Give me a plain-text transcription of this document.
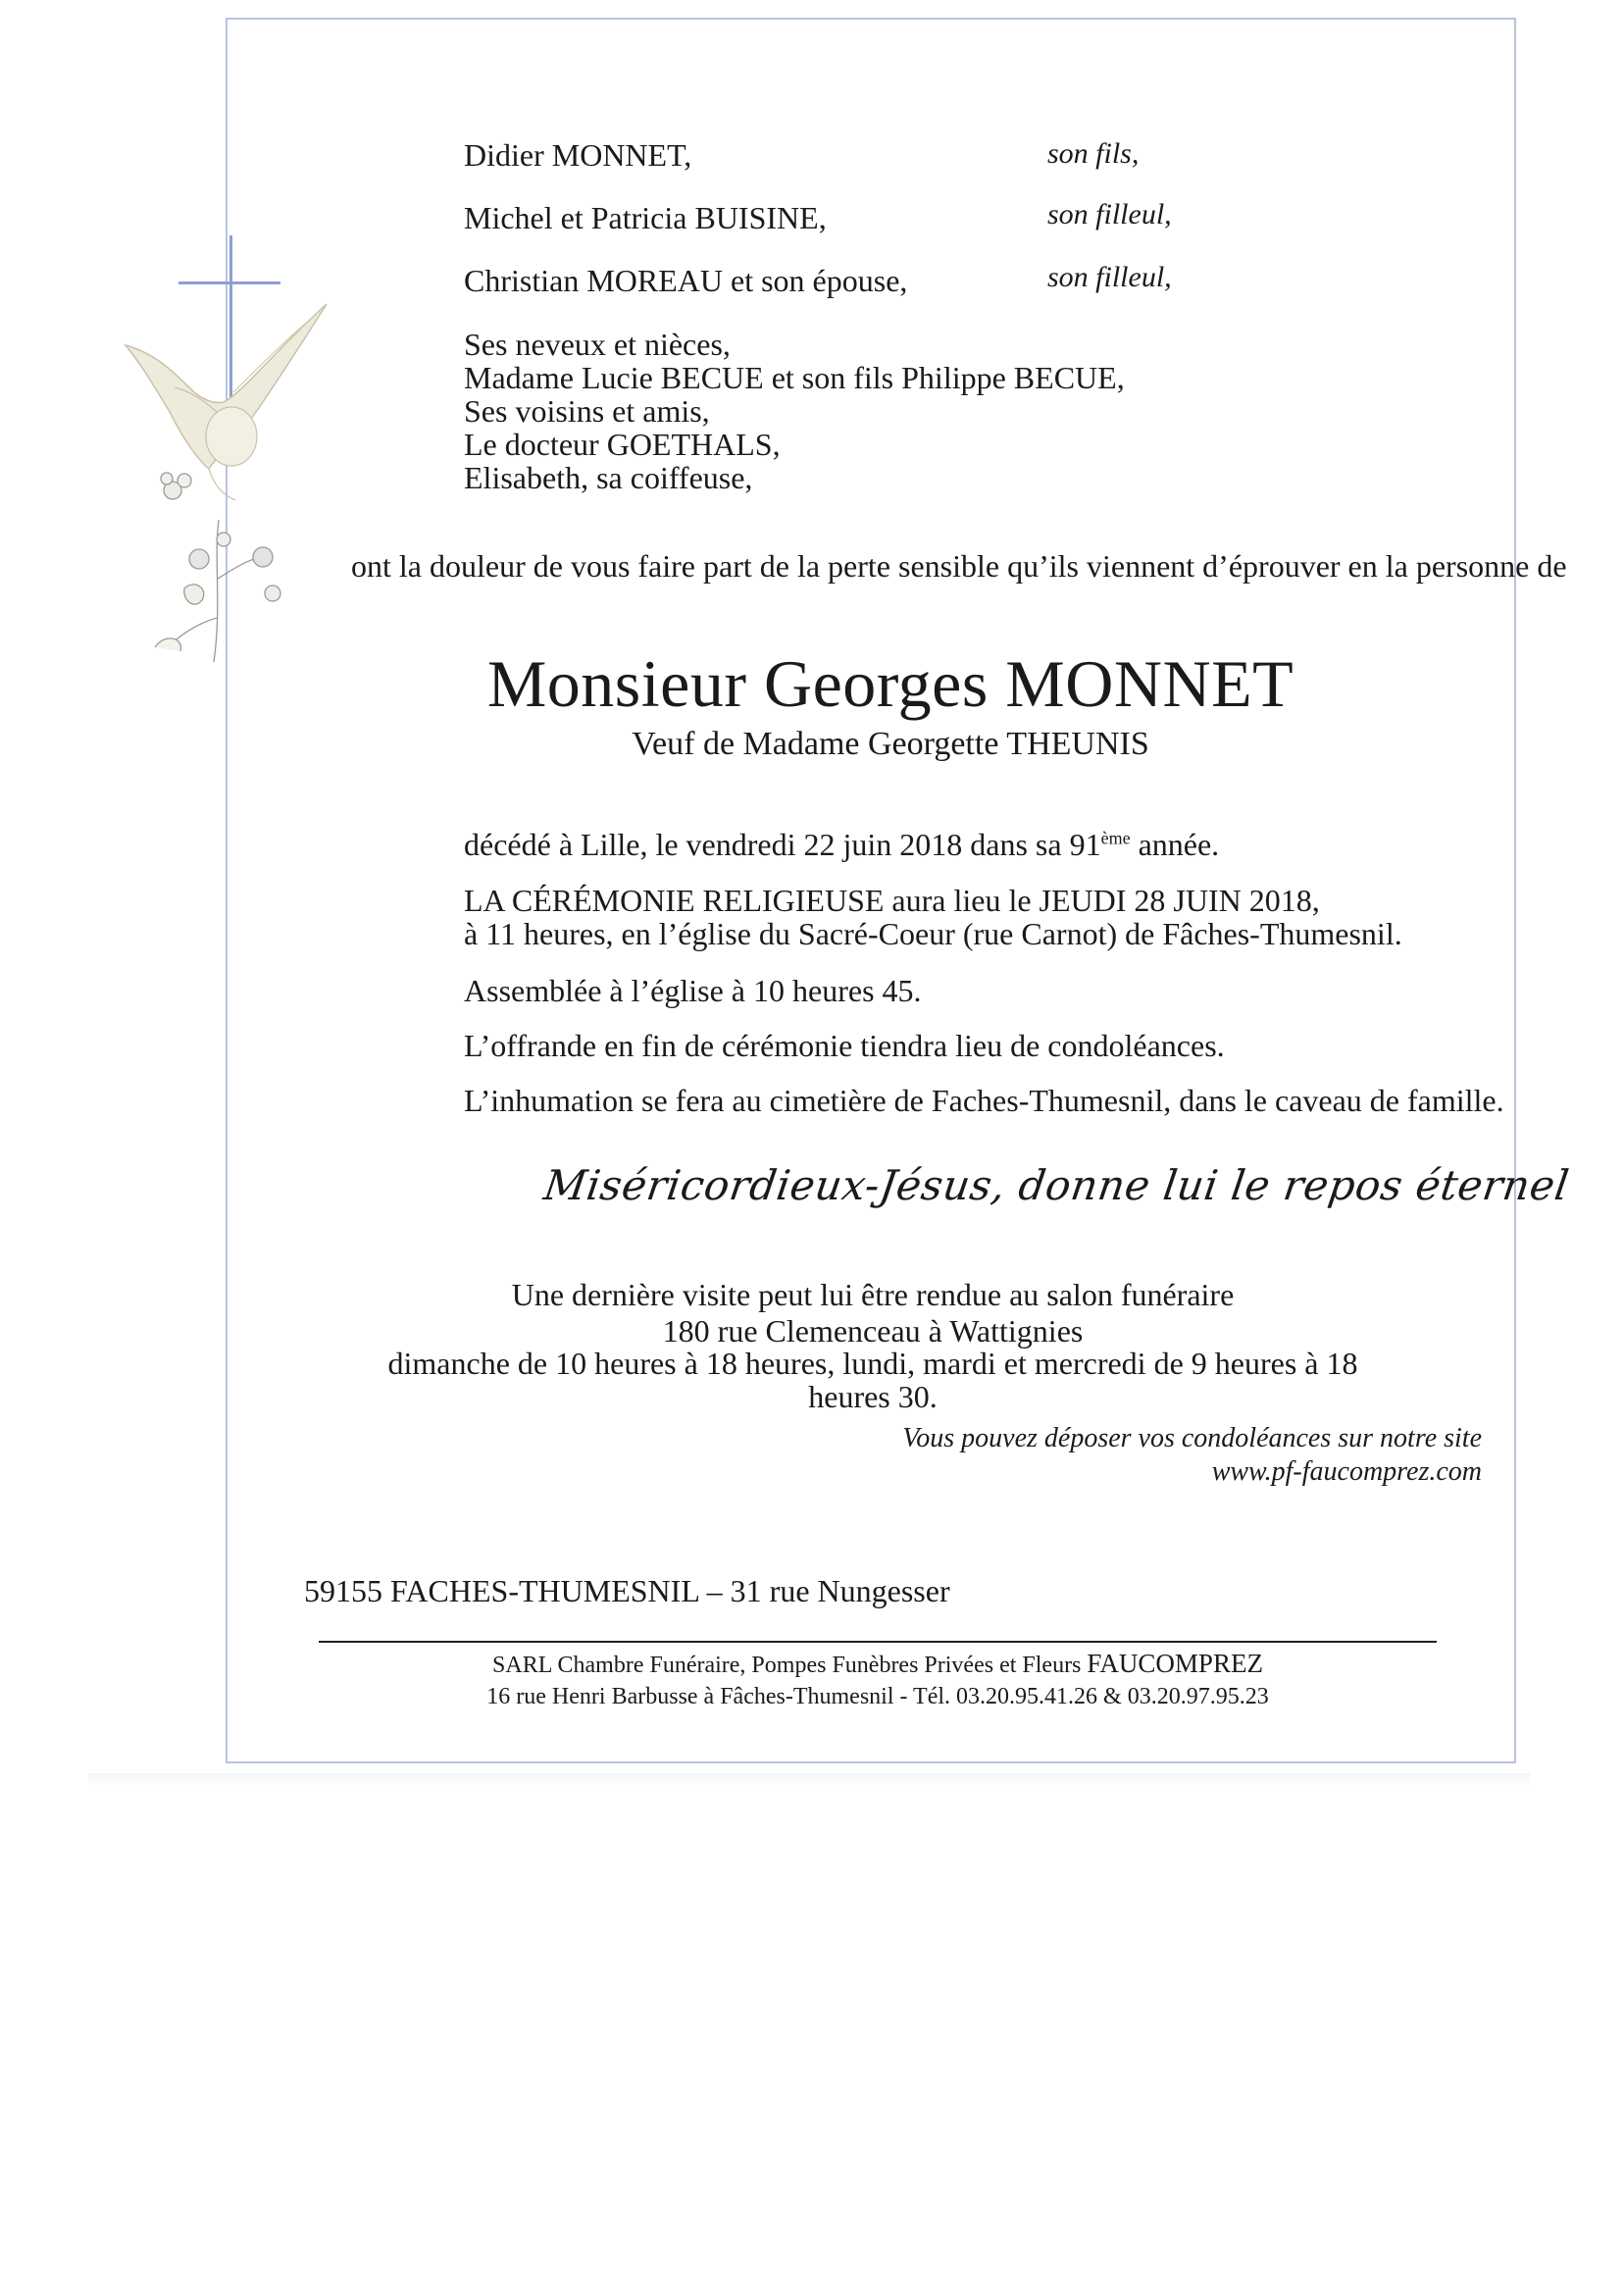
Didier MONNET,	son fils,
Michel et Patricia BUISINE,	son filleul,
Christian MOREAU et son épouse,	son filleul,
Ses neveux et nièces,
Madame Lucie BECUE et son fils Philippe BECUE,
Ses voisins et amis,
Le docteur GOETHALS,
Elisabeth, sa coiffeuse,
ont la douleur de vous faire part de la perte sensible qu’ils viennent d’éprouver en la personne de
Monsieur Georges MONNET
Veuf de Madame Georgette THEUNIS
décédé à Lille, le vendredi 22 juin 2018 dans sa 91ème année.
LA CÉRÉMONIE RELIGIEUSE aura lieu le JEUDI 28 JUIN 2018,
à 11 heures, en l’église du Sacré-Coeur (rue Carnot) de Fâches-Thumesnil.
Assemblée à l’église à 10 heures 45.
L’offrande en fin de cérémonie tiendra lieu de condoléances.
L’inhumation se fera au cimetière de Faches-Thumesnil, dans le caveau de famille.
Miséricordieux-Jésus, donne lui le repos éternel
Une dernière visite peut lui être rendue au salon funéraire
180 rue Clemenceau à Wattignies
dimanche de 10 heures à 18 heures, lundi, mardi et mercredi de 9 heures à 18 heures 30.
Vous pouvez déposer vos condoléances sur notre site
www.pf-faucomprez.com
59155 FACHES-THUMESNIL – 31 rue Nungesser
SARL Chambre Funéraire, Pompes Funèbres Privées et Fleurs FAUCOMPREZ
16 rue Henri Barbusse à Fâches-Thumesnil - Tél. 03.20.95.41.26 & 03.20.97.95.23
